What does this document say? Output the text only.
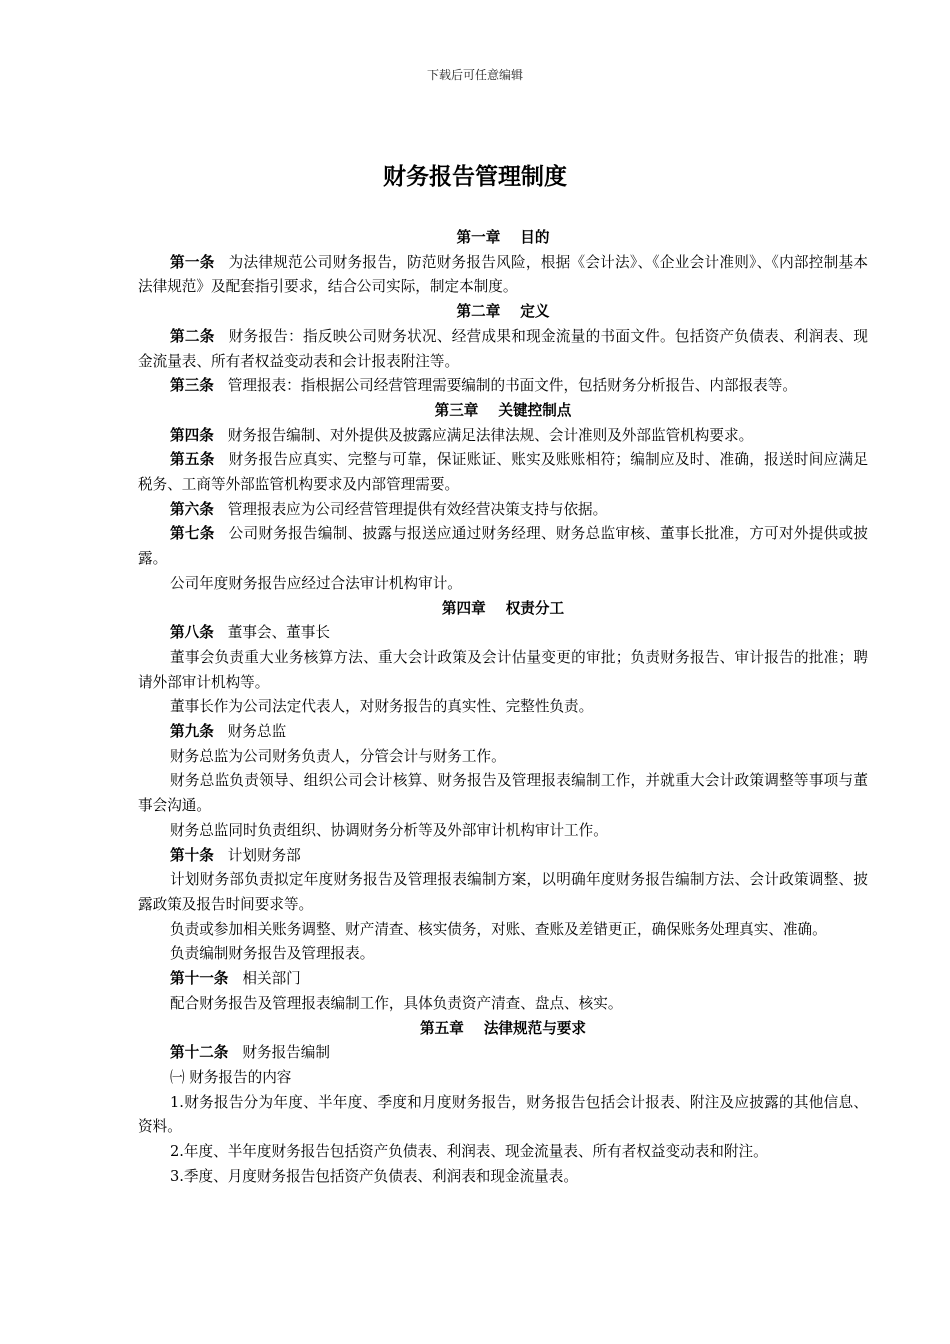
下载后可任意编辑
财务报告管理制度
第一章 目的

第一条 为法律规范公司财务报告，防范财务报告风险，根据《会计法》、《企业会计准则》、《内部控制基本法律规范》及配套指引要求，结合公司实际，制定本制度。

第二章 定义

第二条 财务报告：指反映公司财务状况、经营成果和现金流量的书面文件。包括资产负债表、利润表、现金流量表、所有者权益变动表和会计报表附注等。

第三条 管理报表：指根据公司经营管理需要编制的书面文件，包括财务分析报告、内部报表等。

第三章 关键控制点

第四条 财务报告编制、对外提供及披露应满足法律法规、会计准则及外部监管机构要求。

第五条 财务报告应真实、完整与可靠，保证账证、账实及账账相符；编制应及时、准确，报送时间应满足税务、工商等外部监管机构要求及内部管理需要。

第六条 管理报表应为公司经营管理提供有效经营决策支持与依据。

第七条 公司财务报告编制、披露与报送应通过财务经理、财务总监审核、董事长批准，方可对外提供或披露。

公司年度财务报告应经过合法审计机构审计。

第四章 权责分工

第八条 董事会、董事长

董事会负责重大业务核算方法、重大会计政策及会计估量变更的审批；负责财务报告、审计报告的批准；聘请外部审计机构等。

董事长作为公司法定代表人，对财务报告的真实性、完整性负责。

第九条 财务总监

财务总监为公司财务负责人，分管会计与财务工作。

财务总监负责领导、组织公司会计核算、财务报告及管理报表编制工作，并就重大会计政策调整等事项与董事会沟通。

财务总监同时负责组织、协调财务分析等及外部审计机构审计工作。

第十条 计划财务部

计划财务部负责拟定年度财务报告及管理报表编制方案，以明确年度财务报告编制方法、会计政策调整、披露政策及报告时间要求等。

负责或参加相关账务调整、财产清查、核实债务，对账、查账及差错更正，确保账务处理真实、准确。

负责编制财务报告及管理报表。

第十一条 相关部门

配合财务报告及管理报表编制工作，具体负责资产清查、盘点、核实。

第五章 法律规范与要求

第十二条 财务报告编制

㈠ 财务报告的内容

1.财务报告分为年度、半年度、季度和月度财务报告，财务报告包括会计报表、附注及应披露的其他信息、资料。

2.年度、半年度财务报告包括资产负债表、利润表、现金流量表、所有者权益变动表和附注。

3.季度、月度财务报告包括资产负债表、利润表和现金流量表。
